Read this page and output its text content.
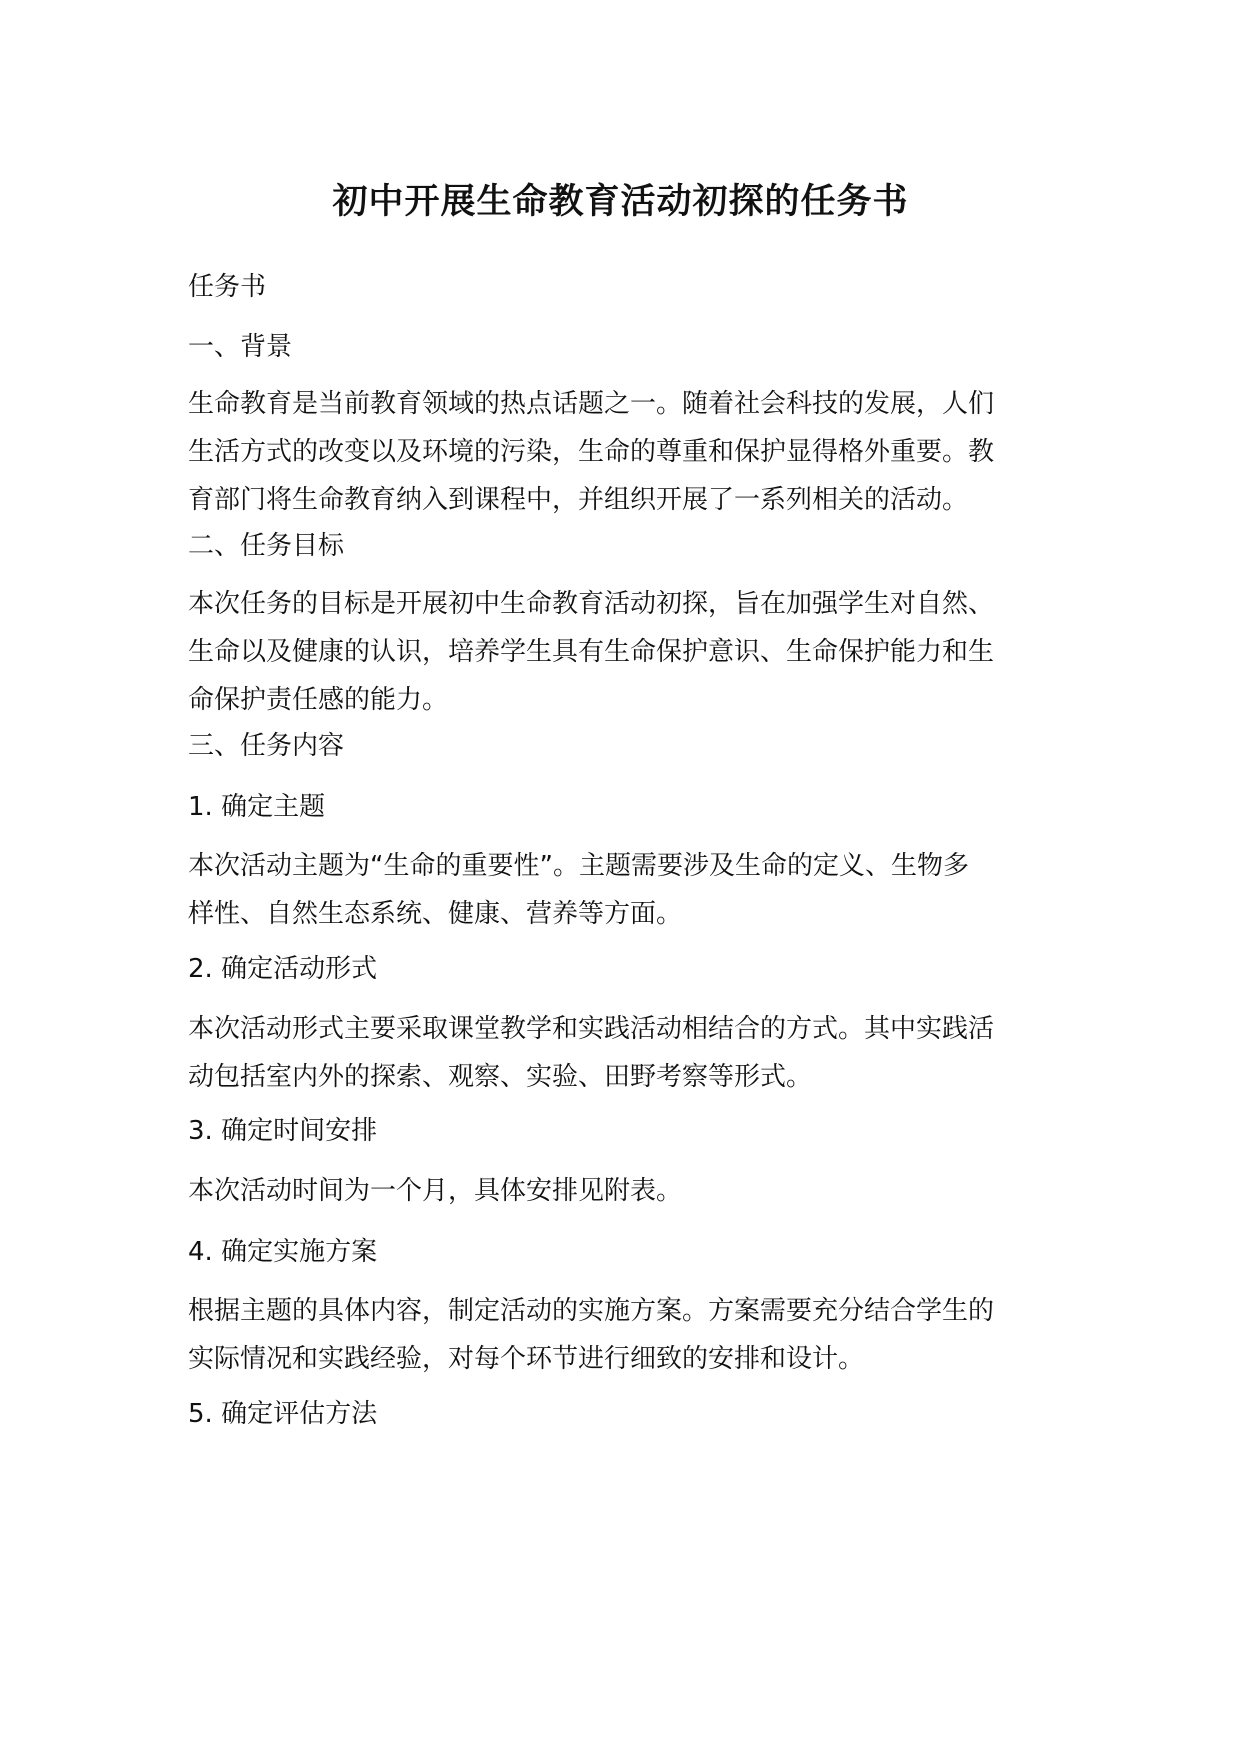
初中开展生命教育活动初探的任务书

任务书

一、背景

生命教育是当前教育领域的热点话题之一。随着社会科技的发展，人们
生活方式的改变以及环境的污染，生命的尊重和保护显得格外重要。教
育部门将生命教育纳入到课程中，并组织开展了一系列相关的活动。

二、任务目标

本次任务的目标是开展初中生命教育活动初探，旨在加强学生对自然、
生命以及健康的认识，培养学生具有生命保护意识、生命保护能力和生
命保护责任感的能力。

三、任务内容

1. 确定主题

本次活动主题为“生命的重要性”。主题需要涉及生命的定义、生物多
样性、自然生态系统、健康、营养等方面。

2. 确定活动形式

本次活动形式主要采取课堂教学和实践活动相结合的方式。其中实践活
动包括室内外的探索、观察、实验、田野考察等形式。

3. 确定时间安排

本次活动时间为一个月，具体安排见附表。

4. 确定实施方案

根据主题的具体内容，制定活动的实施方案。方案需要充分结合学生的
实际情况和实践经验，对每个环节进行细致的安排和设计。

5. 确定评估方法
